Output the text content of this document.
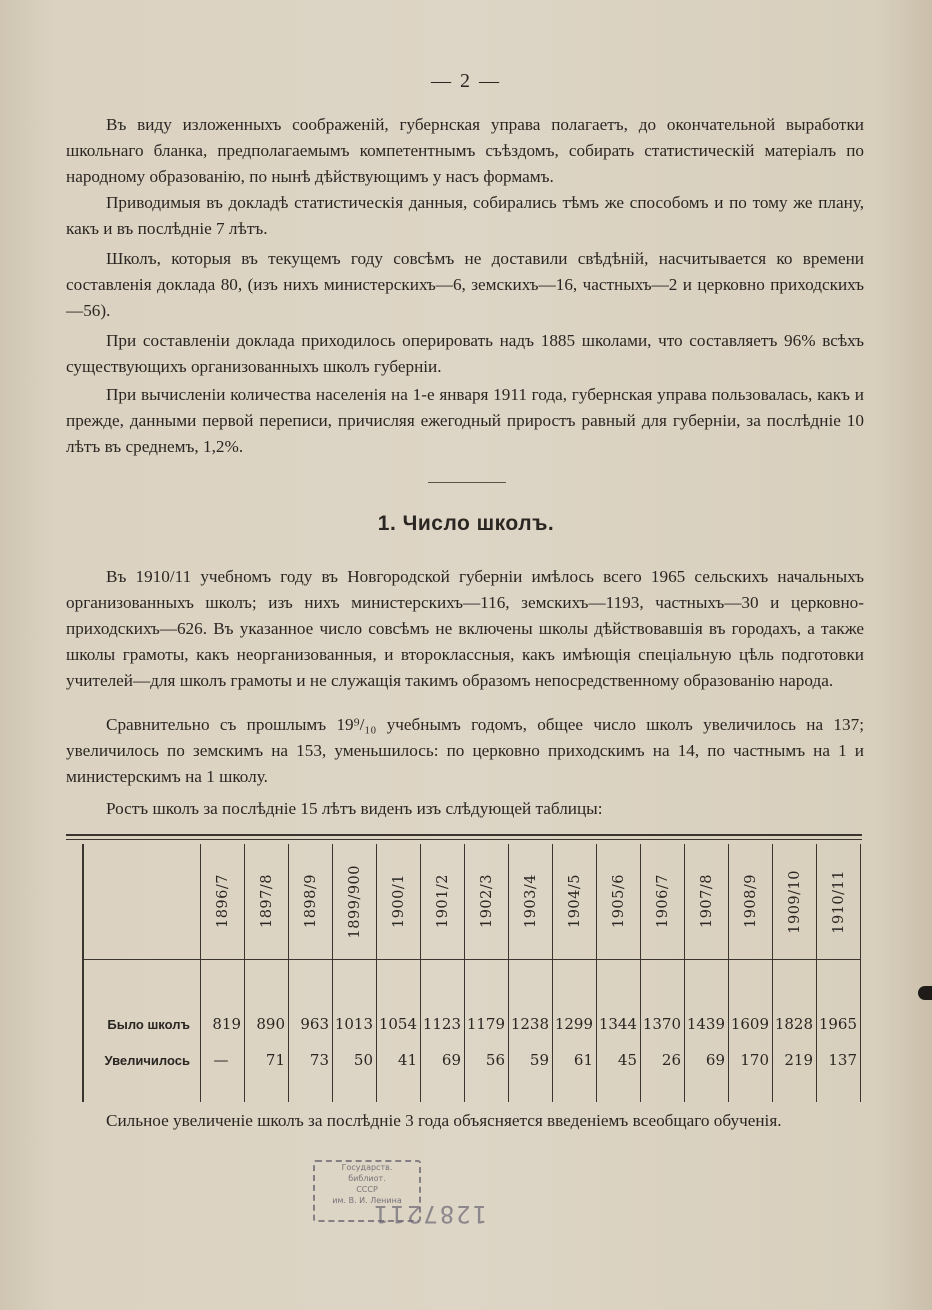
— 2 —
Въ виду изложенныхъ соображенiй, губернская управа полагаетъ, до окончательной выработки школьнаго бланка, предполагаемымъ компетентнымъ съѣздомъ, собирать статистическiй матерiалъ по народному образованiю, по нынѣ дѣйствующимъ у насъ формамъ.
Приводимыя въ докладѣ статистическiя данныя, собирались тѣмъ же способомъ и по тому же плану, какъ и въ послѣднiе 7 лѣтъ.
Школъ, которыя въ текущемъ году совсѣмъ не доставили свѣдѣнiй, насчитывается ко времени составленiя доклада 80, (изъ нихъ министерскихъ—6, земскихъ—16, частныхъ—2 и церковно приходскихъ—56).
При составленiи доклада приходилось оперировать надъ 1885 школами, что составляетъ 96% всѣхъ существующихъ организованныхъ школъ губернiи.
При вычисленiи количества населенiя на 1-е января 1911 года, губернская управа пользовалась, какъ и прежде, данными первой переписи, причисляя ежегодный приростъ равный для губернiи, за послѣднiе 10 лѣтъ въ среднемъ, 1,2%.
1. Число школъ.
Въ 1910/11 учебномъ году въ Новгородской губернiи имѣлось всего 1965 сельскихъ начальныхъ организованныхъ школъ; изъ нихъ министерскихъ—116, земскихъ—1193, частныхъ—30 и церковно-приходскихъ—626. Въ указанное число совсѣмъ не включены школы дѣйствовавшiя въ городахъ, а также школы грамоты, какъ неорганизованныя, и второклассныя, какъ имѣющiя спецiальную цѣль подготовки учителей—для школъ грамоты и не служащiя такимъ образомъ непосредственному образованiю народа.
Сравнительно съ прошлымъ 19⁹/₁₀ учебнымъ годомъ, общее число школъ увеличилось на 137; увеличилось по земскимъ на 153, уменьшилось: по церковно приходскимъ на 14, по частнымъ на 1 и министерскимъ на 1 школу.
Ростъ школъ за послѣднiе 15 лѣтъ виденъ изъ слѣдующей таблицы:

	1896/7	1897/8	1898/9	1899/900	1900/1	1901/2	1902/3	1903/4	1904/5	1905/6	1906/7	1907/8	1908/9	1909/10	1910/11

Было школъ	819	890	963	1013	1054	1123	1179	1238	1299	1344	1370	1439	1609	1828	1965
Увеличилось	—	71	73	50	41	69	56	59	61	45	26	69	170	219	137

Сильное увеличенiе школъ за послѣднiе 3 года объясняется введенiемъ всеобщаго обученiя.
Государств.
библиот.
СССР
им. В. И. Ленина
1287211
